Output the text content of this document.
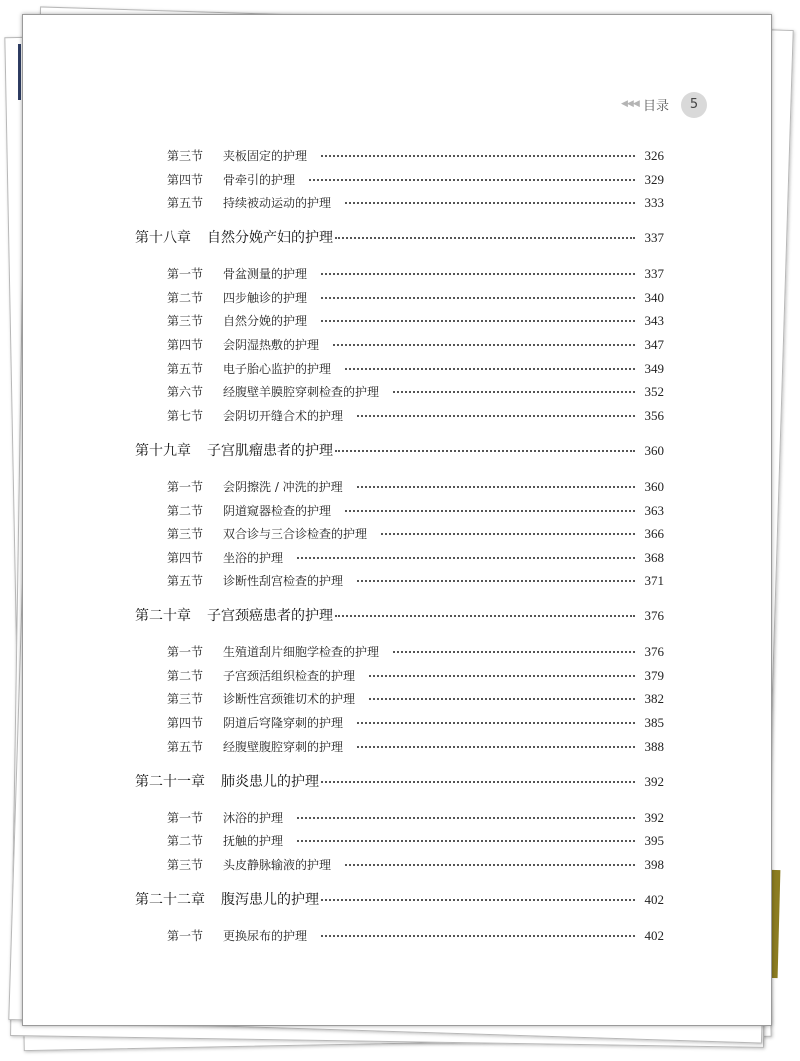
◀◀◀ 目录	5
第三节 夹板固定的护理	326
第四节 骨牵引的护理	329
第五节 持续被动运动的护理	333
第十八章 自然分娩产妇的护理	337
第一节 骨盆测量的护理	337
第二节 四步触诊的护理	340
第三节 自然分娩的护理	343
第四节 会阴湿热敷的护理	347
第五节 电子胎心监护的护理	349
第六节 经腹壁羊膜腔穿刺检查的护理	352
第七节 会阴切开缝合术的护理	356
第十九章 子宫肌瘤患者的护理	360
第一节 会阴擦洗 / 冲洗的护理	360
第二节 阴道窥器检查的护理	363
第三节 双合诊与三合诊检查的护理	366
第四节 坐浴的护理	368
第五节 诊断性刮宫检查的护理	371
第二十章 子宫颈癌患者的护理	376
第一节 生殖道刮片细胞学检查的护理	376
第二节 子宫颈活组织检查的护理	379
第三节 诊断性宫颈锥切术的护理	382
第四节 阴道后穹隆穿刺的护理	385
第五节 经腹壁腹腔穿刺的护理	388
第二十一章 肺炎患儿的护理	392
第一节 沐浴的护理	392
第二节 抚触的护理	395
第三节 头皮静脉输液的护理	398
第二十二章 腹泻患儿的护理	402
第一节 更换尿布的护理	402
